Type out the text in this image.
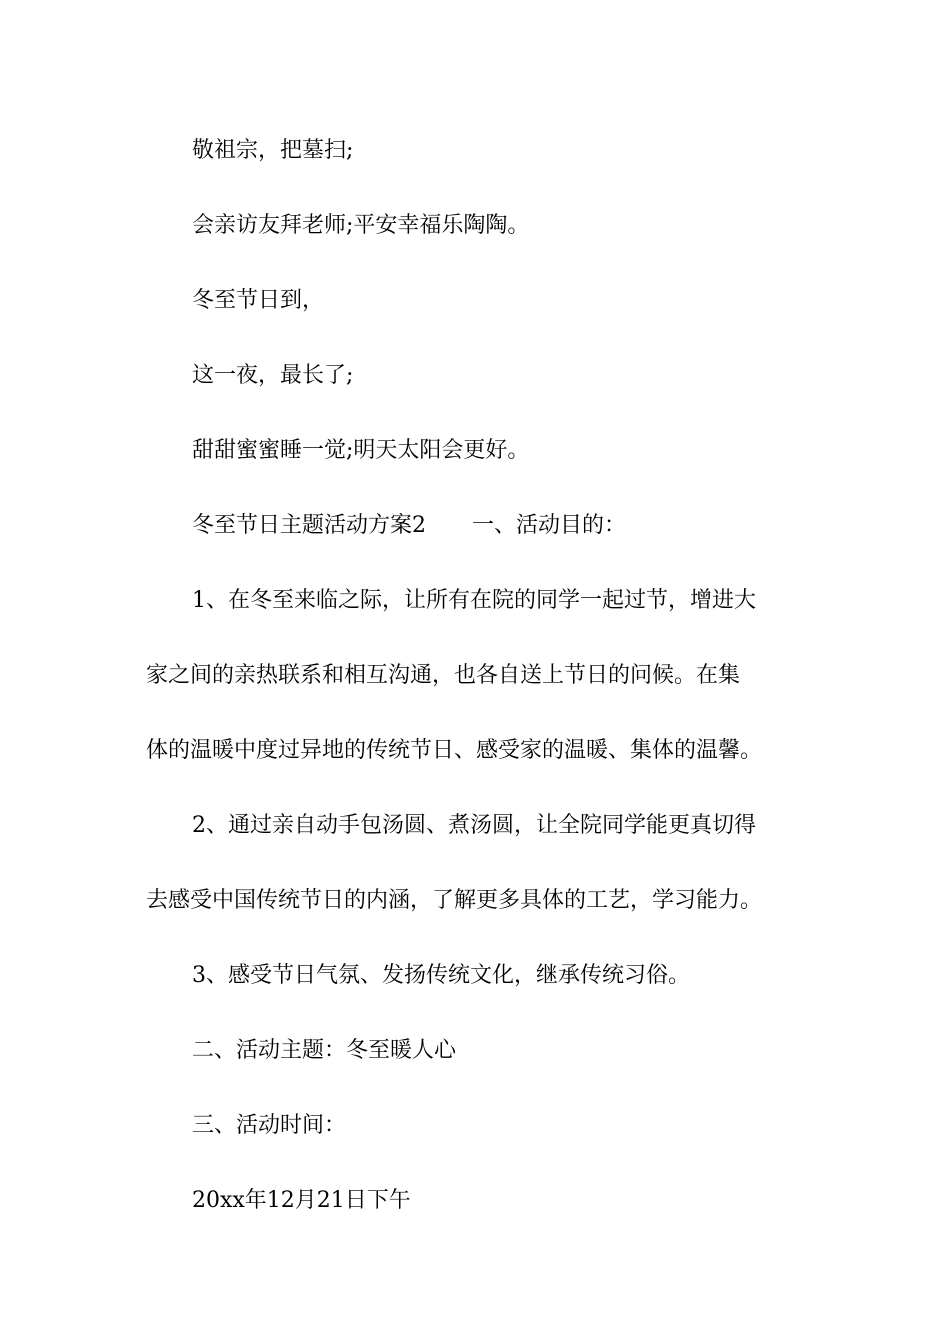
敬祖宗，把墓扫;
会亲访友拜老师;平安幸福乐陶陶。
冬至节日到，
这一夜，最长了;
甜甜蜜蜜睡一觉;明天太阳会更好。
冬至节日主题活动方案2 一、活动目的：
1、在冬至来临之际，让所有在院的同学一起过节，增进大
家之间的亲热联系和相互沟通，也各自送上节日的问候。在集
体的温暖中度过异地的传统节日、感受家的温暖、集体的温馨。
2、通过亲自动手包汤圆、煮汤圆，让全院同学能更真切得
去感受中国传统节日的内涵，了解更多具体的工艺，学习能力。
3、感受节日气氛、发扬传统文化，继承传统习俗。
二、活动主题：冬至暖人心
三、活动时间：
20xx年12月21日下午
